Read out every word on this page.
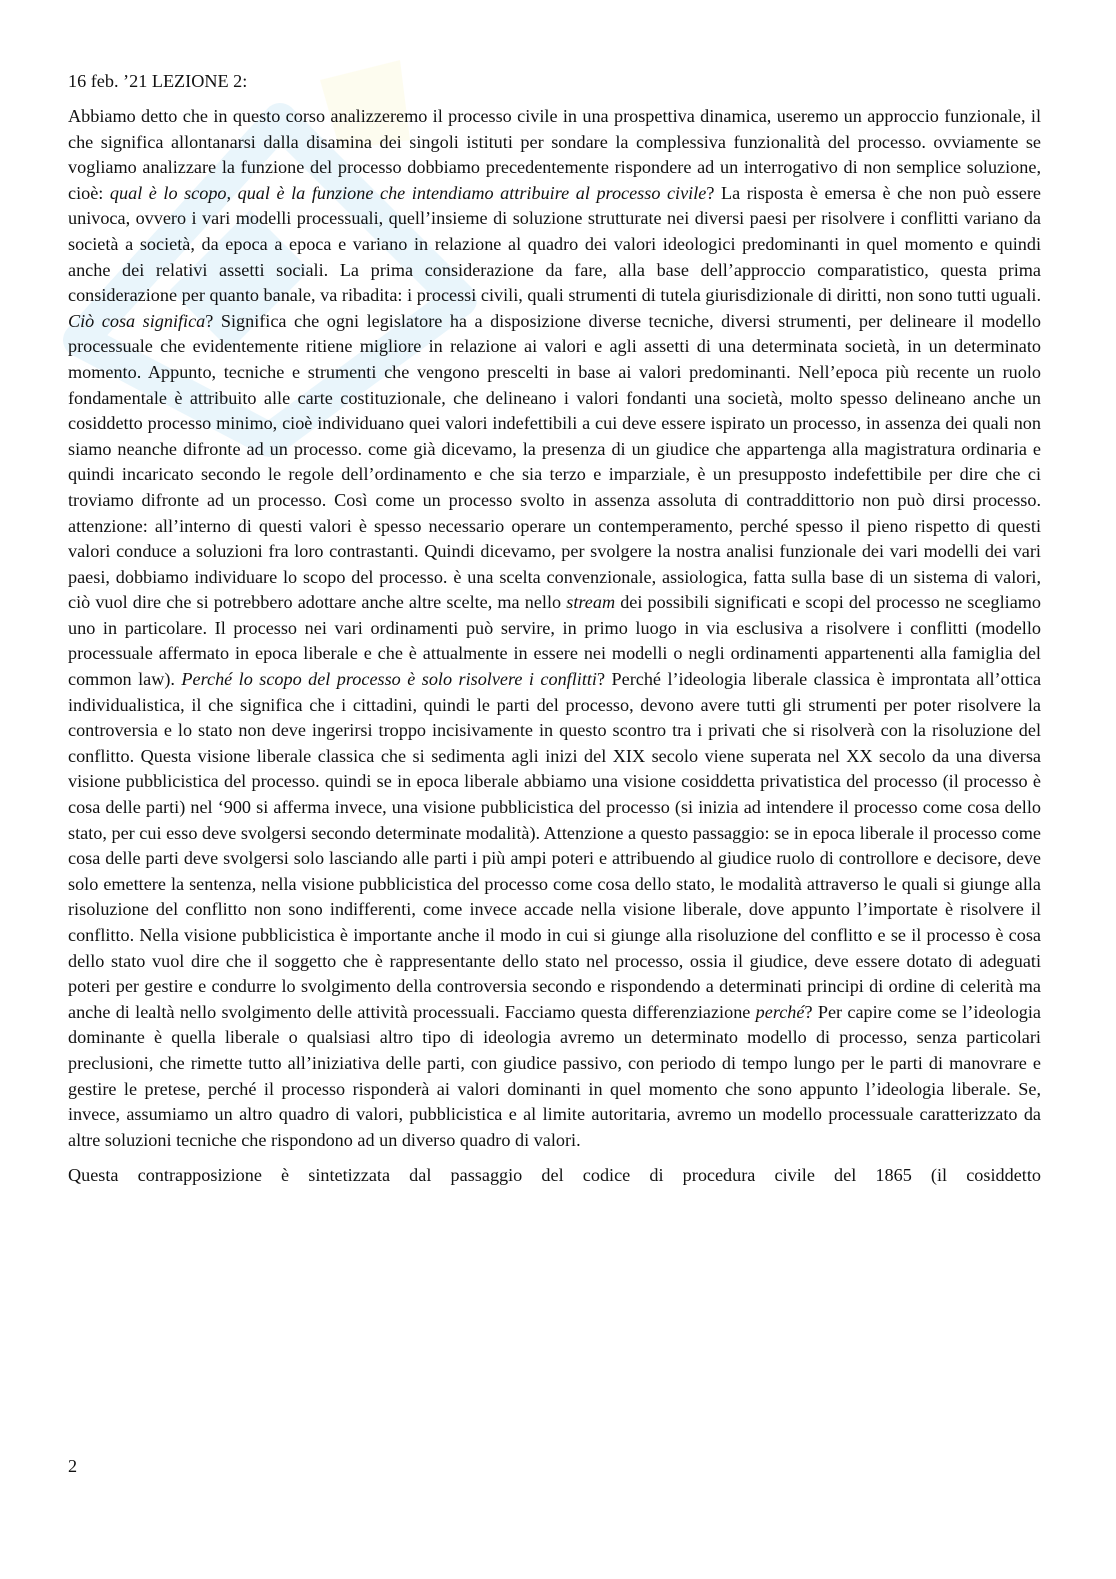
16 feb. ’21 LEZIONE 2:

Abbiamo detto che in questo corso analizzeremo il processo civile in una prospettiva dinamica, useremo un approccio funzionale, il che significa allontanarsi dalla disamina dei singoli istituti per sondare la complessiva funzionalità del processo. ovviamente se vogliamo analizzare la funzione del processo dobbiamo precedentemente rispondere ad un interrogativo di non semplice soluzione, cioè: qual è lo scopo, qual è la funzione che intendiamo attribuire al processo civile? La risposta è emersa è che non può essere univoca, ovvero i vari modelli processuali, quell’insieme di soluzione strutturate nei diversi paesi per risolvere i conflitti variano da società a società, da epoca a epoca e variano in relazione al quadro dei valori ideologici predominanti in quel momento e quindi anche dei relativi assetti sociali. La prima considerazione da fare, alla base dell’approccio comparatistico, questa prima considerazione per quanto banale, va ribadita: i processi civili, quali strumenti di tutela giurisdizionale di diritti, non sono tutti uguali. Ciò cosa significa? Significa che ogni legislatore ha a disposizione diverse tecniche, diversi strumenti, per delineare il modello processuale che evidentemente ritiene migliore in relazione ai valori e agli assetti di una determinata società, in un determinato momento. Appunto, tecniche e strumenti che vengono prescelti in base ai valori predominanti. Nell’epoca più recente un ruolo fondamentale è attribuito alle carte costituzionale, che delineano i valori fondanti una società, molto spesso delineano anche un cosiddetto processo minimo, cioè individuano quei valori indefettibili a cui deve essere ispirato un processo, in assenza dei quali non siamo neanche difronte ad un processo. come già dicevamo, la presenza di un giudice che appartenga alla magistratura ordinaria e quindi incaricato secondo le regole dell’ordinamento e che sia terzo e imparziale, è un presupposto indefettibile per dire che ci troviamo difronte ad un processo. Così come un processo svolto in assenza assoluta di contraddittorio non può dirsi processo. attenzione: all’interno di questi valori è spesso necessario operare un contemperamento, perché spesso il pieno rispetto di questi valori conduce a soluzioni fra loro contrastanti. Quindi dicevamo, per svolgere la nostra analisi funzionale dei vari modelli dei vari paesi, dobbiamo individuare lo scopo del processo. è una scelta convenzionale, assiologica, fatta sulla base di un sistema di valori, ciò vuol dire che si potrebbero adottare anche altre scelte, ma nello stream dei possibili significati e scopi del processo ne scegliamo uno in particolare. Il processo nei vari ordinamenti può servire, in primo luogo in via esclusiva a risolvere i conflitti (modello processuale affermato in epoca liberale e che è attualmente in essere nei modelli o negli ordinamenti appartenenti alla famiglia del common law). Perché lo scopo del processo è solo risolvere i conflitti? Perché l’ideologia liberale classica è improntata all’ottica individualistica, il che significa che i cittadini, quindi le parti del processo, devono avere tutti gli strumenti per poter risolvere la controversia e lo stato non deve ingerirsi troppo incisivamente in questo scontro tra i privati che si risolverà con la risoluzione del conflitto. Questa visione liberale classica che si sedimenta agli inizi del XIX secolo viene superata nel XX secolo da una diversa visione pubblicistica del processo. quindi se in epoca liberale abbiamo una visione cosiddetta privatistica del processo (il processo è cosa delle parti) nel ‘900 si afferma invece, una visione pubblicistica del processo (si inizia ad intendere il processo come cosa dello stato, per cui esso deve svolgersi secondo determinate modalità). Attenzione a questo passaggio: se in epoca liberale il processo come cosa delle parti deve svolgersi solo lasciando alle parti i più ampi poteri e attribuendo al giudice ruolo di controllore e decisore, deve solo emettere la sentenza, nella visione pubblicistica del processo come cosa dello stato, le modalità attraverso le quali si giunge alla risoluzione del conflitto non sono indifferenti, come invece accade nella visione liberale, dove appunto l’importate è risolvere il conflitto. Nella visione pubblicistica è importante anche il modo in cui si giunge alla risoluzione del conflitto e se il processo è cosa dello stato vuol dire che il soggetto che è rappresentante dello stato nel processo, ossia il giudice, deve essere dotato di adeguati poteri per gestire e condurre lo svolgimento della controversia secondo e rispondendo a determinati principi di ordine di celerità ma anche di lealtà nello svolgimento delle attività processuali. Facciamo questa differenziazione perché? Per capire come se l’ideologia dominante è quella liberale o qualsiasi altro tipo di ideologia avremo un determinato modello di processo, senza particolari preclusioni, che rimette tutto all’iniziativa delle parti, con giudice passivo, con periodo di tempo lungo per le parti di manovrare e gestire le pretese, perché il processo risponderà ai valori dominanti in quel momento che sono appunto l’ideologia liberale. Se, invece, assumiamo un altro quadro di valori, pubblicistica e al limite autoritaria, avremo un modello processuale caratterizzato da altre soluzioni tecniche che rispondono ad un diverso quadro di valori.

Questa contrapposizione è sintetizzata dal passaggio del codice di procedura civile del 1865 (il cosiddetto

2
